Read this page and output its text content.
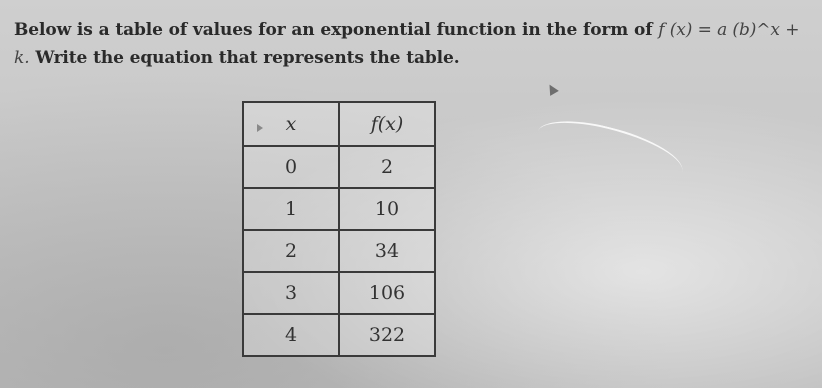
Below is a table of values for an exponential function in the form of f (x) = a (b)^x + k. Write the equation that represents the table.
x	f(x)
0	2
1	10
2	34
3	106
4	322
